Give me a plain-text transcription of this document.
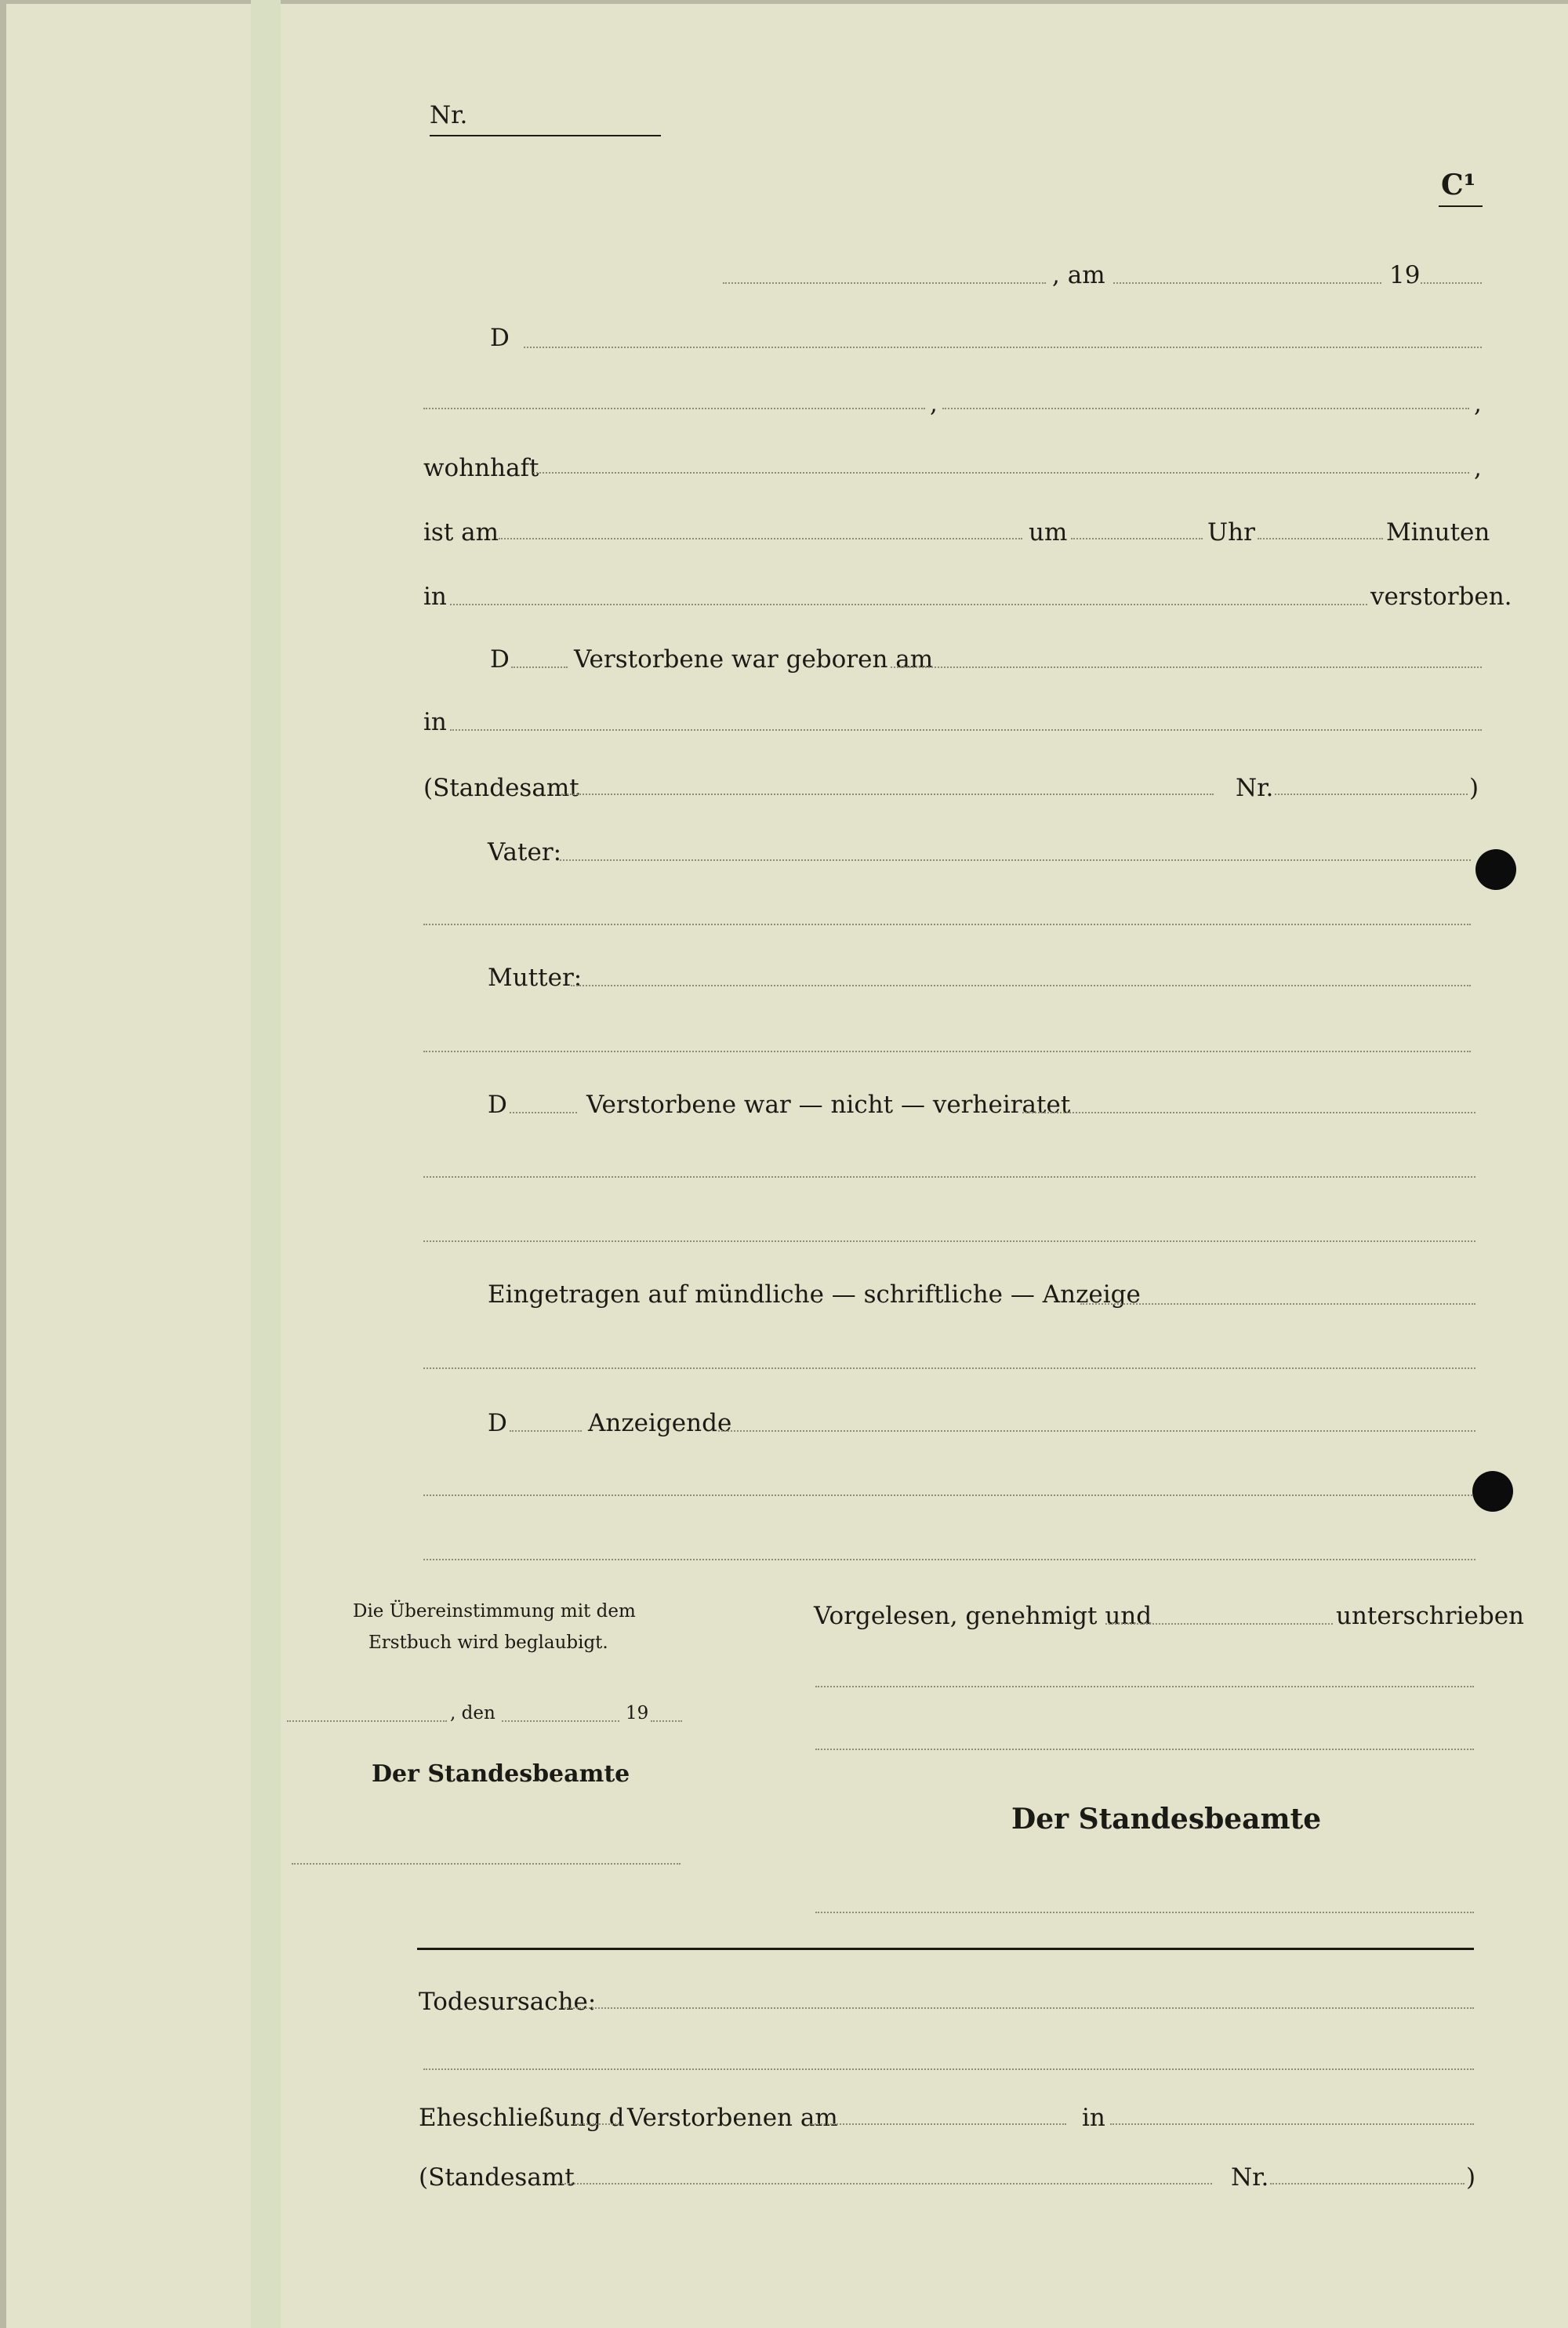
Nr.
C¹
, am	19
D
,	,
wohnhaft	,
ist am	um	Uhr	Minuten
in	verstorben.
D	Verstorbene war geboren am
in
(Standesamt	Nr.	)
Vater:
Mutter:
D	Verstorbene war — nicht — verheiratet
Eingetragen auf mündliche — schriftliche — Anzeige
D	Anzeigende
Die Übereinstimmung mit dem
Erstbuch wird beglaubigt.
, den	19
Der Standesbeamte
Vorgelesen, genehmigt und	unterschrieben
Der Standesbeamte
Todesursache:
Eheschließung d Verstorbenen am	in
(Standesamt	Nr.	)
